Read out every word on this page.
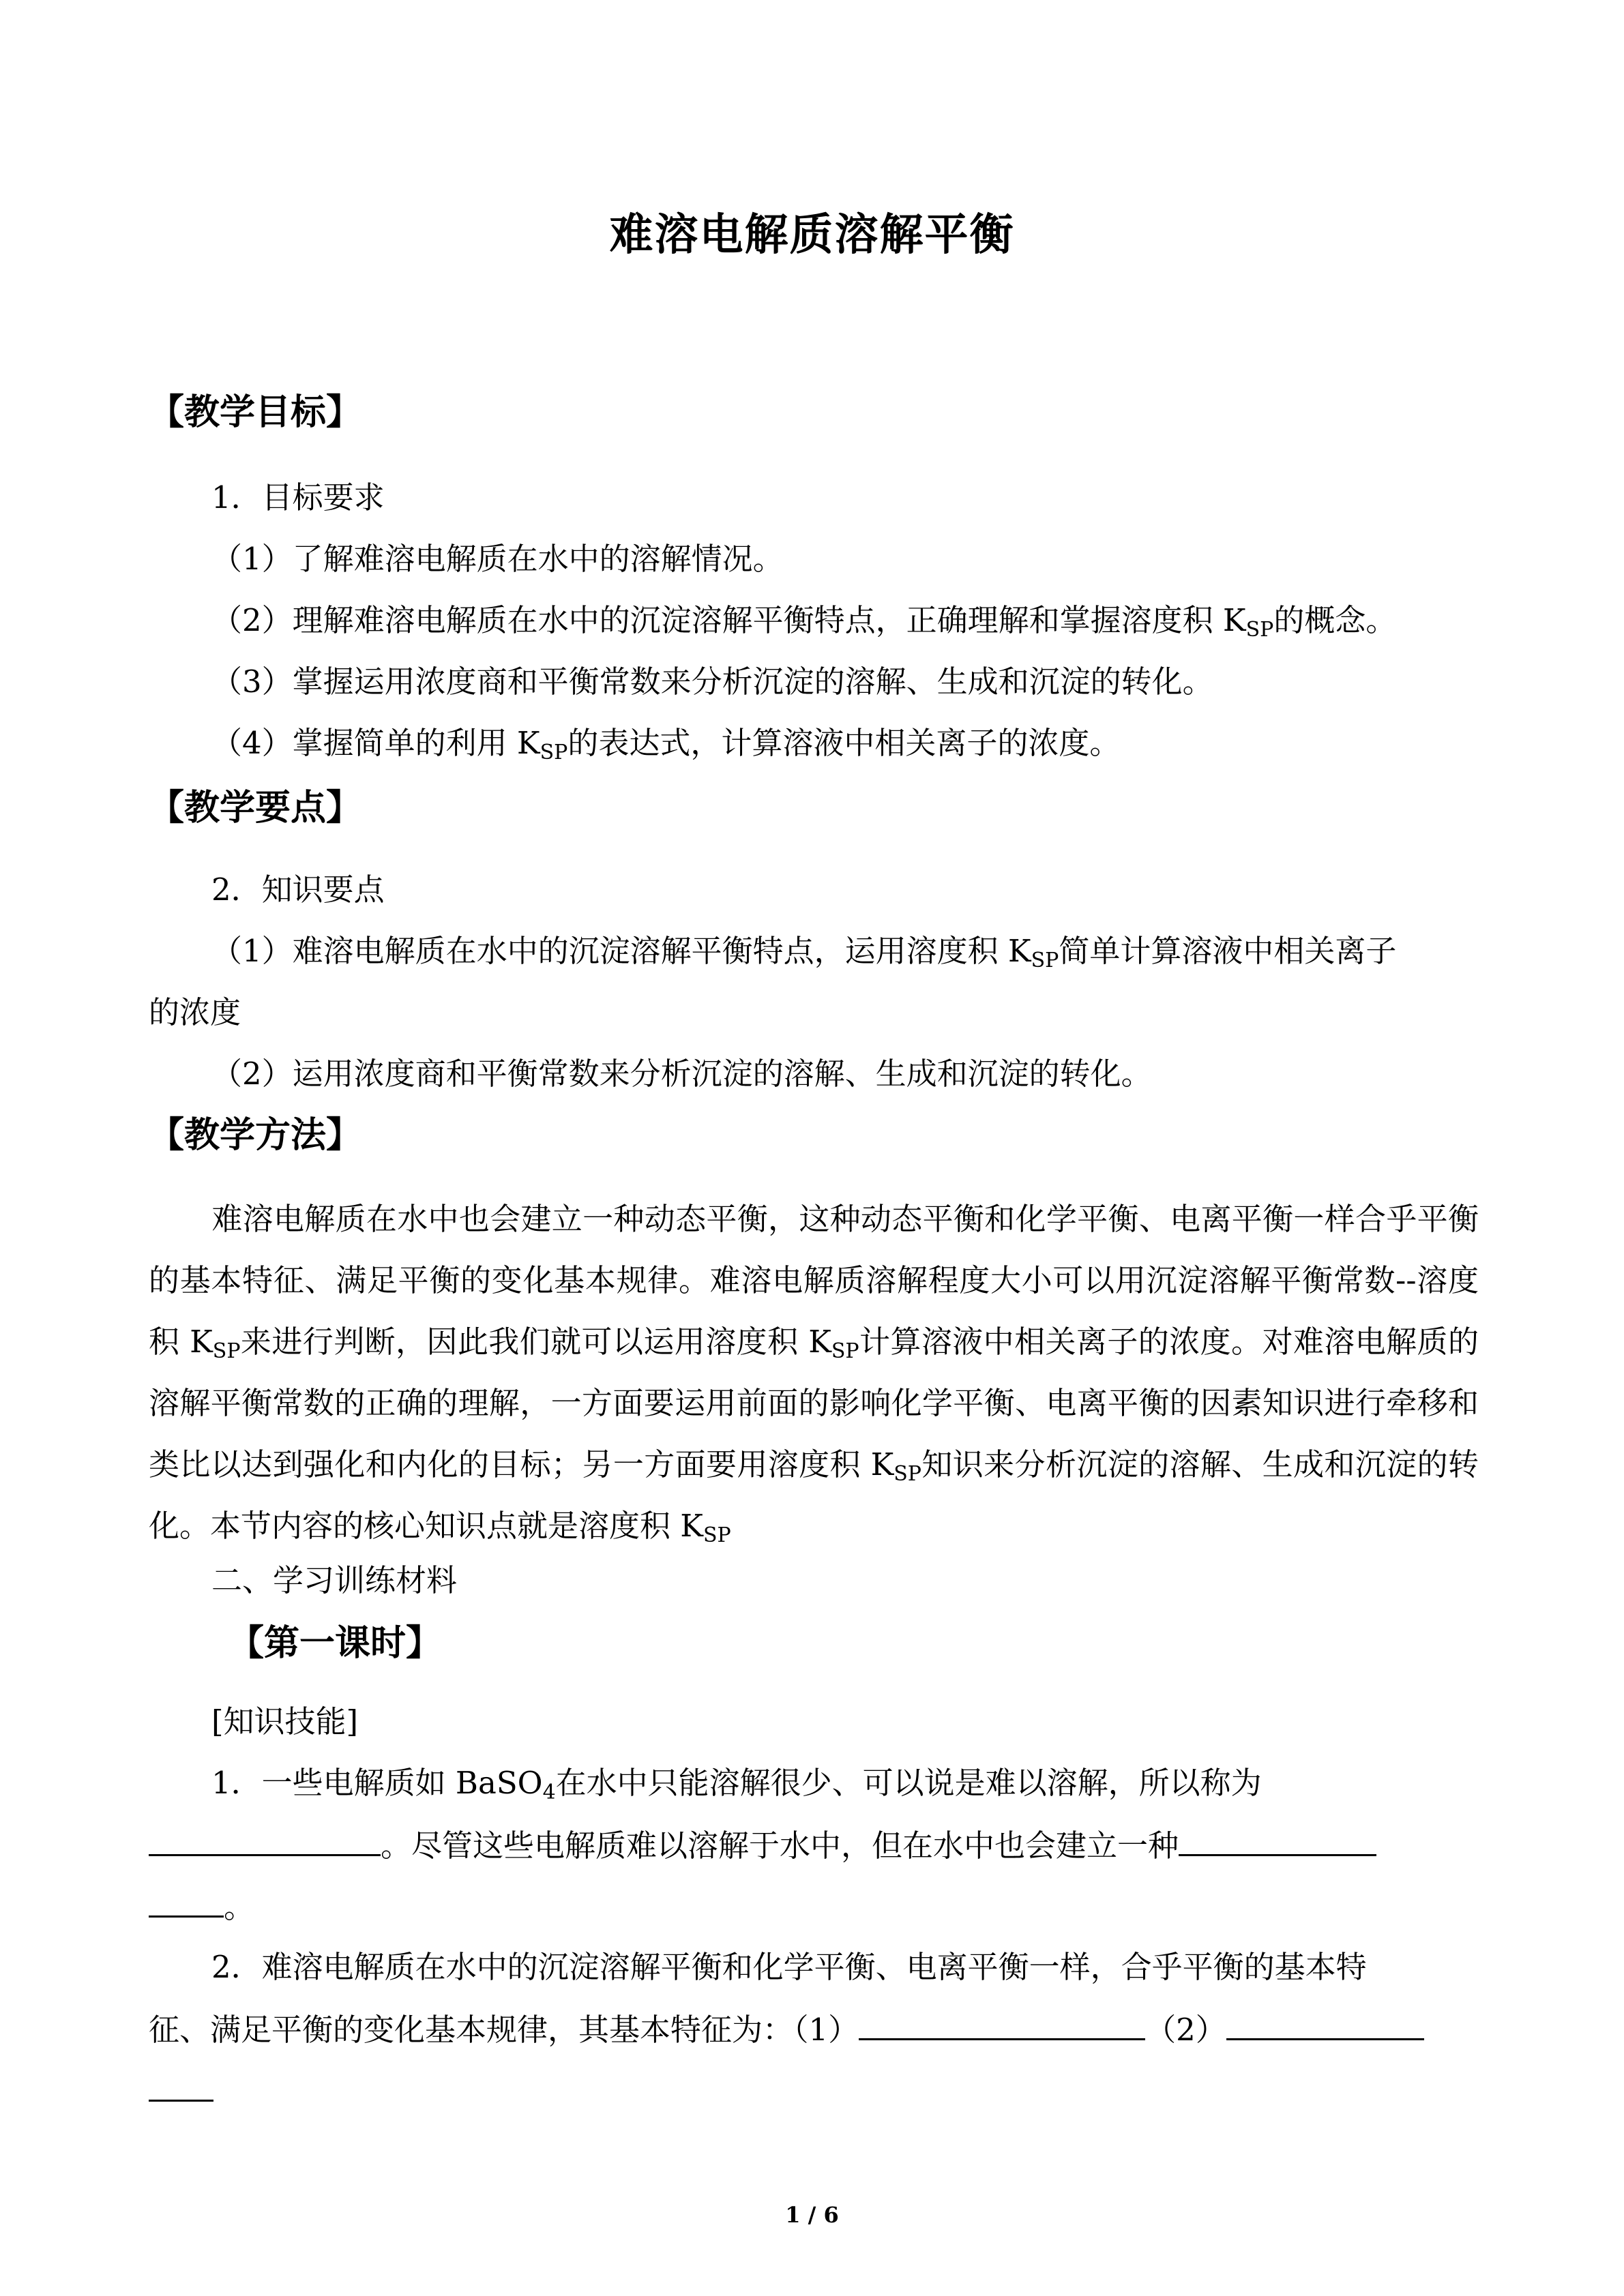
难溶电解质溶解平衡
【教学目标】
1．目标要求
（1）了解难溶电解质在水中的溶解情况。
（2）理解难溶电解质在水中的沉淀溶解平衡特点，正确理解和掌握溶度积 $K_{SP}$的概念。
（3）掌握运用浓度商和平衡常数来分析沉淀的溶解、生成和沉淀的转化。
（4）掌握简单的利用 $K_{SP}$的表达式，计算溶液中相关离子的浓度。
【教学要点】
2．知识要点
（1）难溶电解质在水中的沉淀溶解平衡特点，运用溶度积 $K_{SP}$简单计算溶液中相关离子
的浓度
（2）运用浓度商和平衡常数来分析沉淀的溶解、生成和沉淀的转化。
【教学方法】
难溶电解质在水中也会建立一种动态平衡，这种动态平衡和化学平衡、电离平衡一样合乎平衡的基本特征、满足平衡的变化基本规律。难溶电解质溶解程度大小可以用沉淀溶解平衡常数--溶度积 $K_{SP}$来进行判断，因此我们就可以运用溶度积 $K_{SP}$计算溶液中相关离子的浓度。对难溶电解质的溶解平衡常数的正确的理解，一方面要运用前面的影响化学平衡、电离平衡的因素知识进行牵移和类比以达到强化和内化的目标；另一方面要用溶度积 $K_{SP}$知识来分析沉淀的溶解、生成和沉淀的转化。本节内容的核心知识点就是溶度积 $K_{SP}$
二、学习训练材料
【第一课时】
[知识技能]
1．一些电解质如 BaSO$_4$在水中只能溶解很少、可以说是难以溶解，所以称为
。尽管这些电解质难以溶解于水中，但在水中也会建立一种
。
2．难溶电解质在水中的沉淀溶解平衡和化学平衡、电离平衡一样，合乎平衡的基本特
征、满足平衡的变化基本规律，其基本特征为：（1）	（2）
1 / 6
